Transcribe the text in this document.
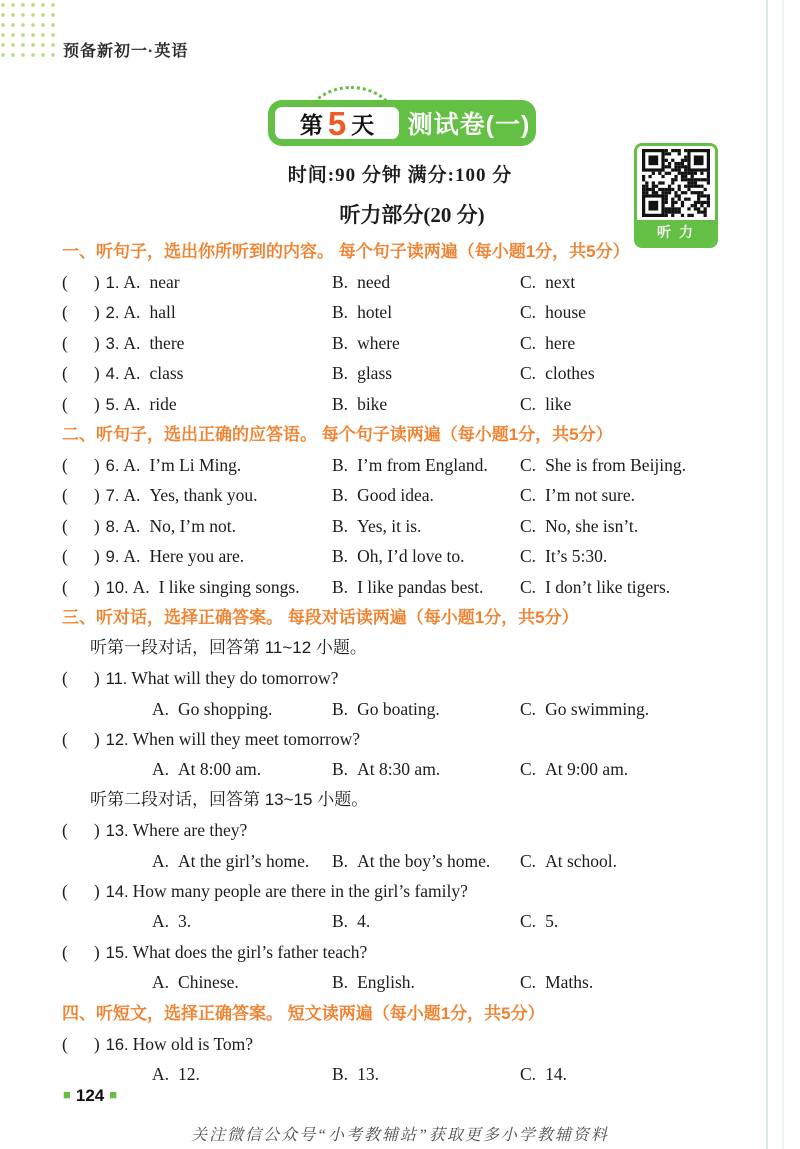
预备新初一·英语
第 5 天 测试卷(一)
时间:90 分钟 满分:100 分
听力
听力部分(20 分)
一、听句子，选出你所听到的内容。 每个句子读两遍（每小题1分，共5分）
( ) 1. A. near	B. need	C. next
( ) 2. A. hall	B. hotel	C. house
( ) 3. A. there	B. where	C. here
( ) 4. A. class	B. glass	C. clothes
( ) 5. A. ride	B. bike	C. like
二、听句子，选出正确的应答语。 每个句子读两遍（每小题1分，共5分）
( ) 6. A. I’m Li Ming.	B. I’m from England.	C. She is from Beijing.
( ) 7. A. Yes, thank you.	B. Good idea.	C. I’m not sure.
( ) 8. A. No, I’m not.	B. Yes, it is.	C. No, she isn’t.
( ) 9. A. Here you are.	B. Oh, I’d love to.	C. It’s 5:30.
( ) 10. A. I like singing songs.	B. I like pandas best.	C. I don’t like tigers.
三、听对话，选择正确答案。 每段对话读两遍（每小题1分，共5分）
听第一段对话，回答第 11~12 小题。
( ) 11. What will they do tomorrow?
A. Go shopping.	B. Go boating.	C. Go swimming.
( ) 12. When will they meet tomorrow?
A. At 8:00 am.	B. At 8:30 am.	C. At 9:00 am.
听第二段对话，回答第 13~15 小题。
( ) 13. Where are they?
A. At the girl’s home.	B. At the boy’s home.	C. At school.
( ) 14. How many people are there in the girl’s family?
A. 3.	B. 4.	C. 5.
( ) 15. What does the girl’s father teach?
A. Chinese.	B. English.	C. Maths.
四、听短文，选择正确答案。 短文读两遍（每小题1分，共5分）
( ) 16. How old is Tom?
A. 12.	B. 13.	C. 14.
■ 124 ■
关注微信公众号“小考教辅站”获取更多小学教辅资料
